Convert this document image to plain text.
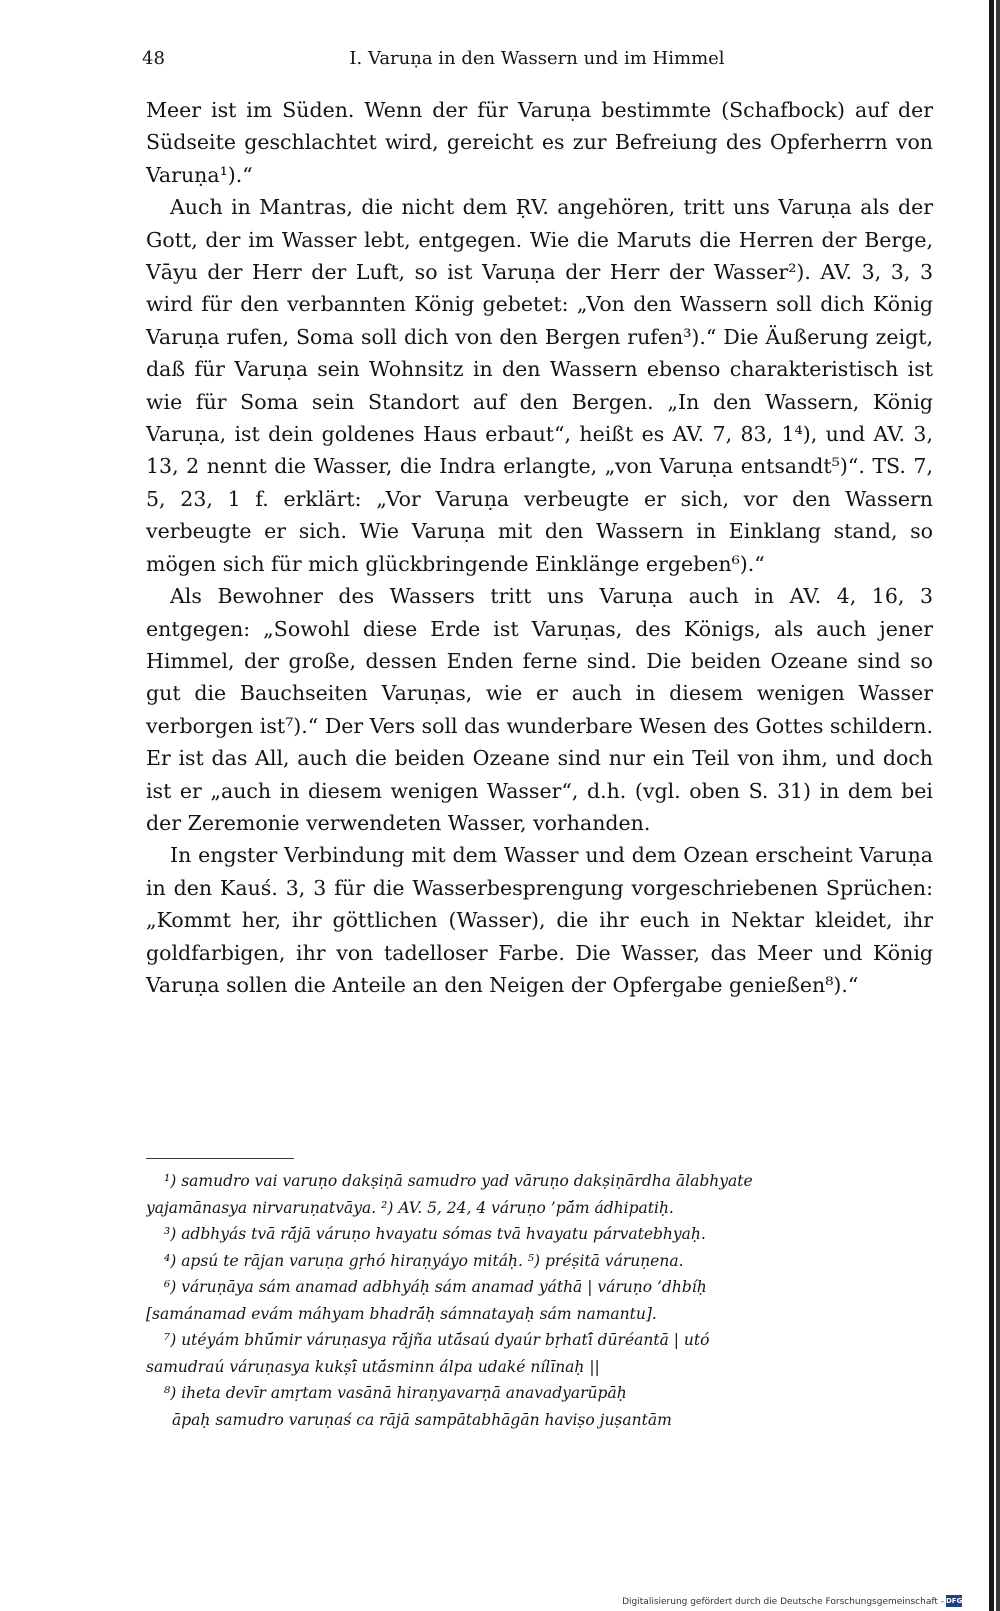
48	I. Varuṇa in den Wassern und im Himmel

Meer ist im Süden. Wenn der für Varuṇa bestimmte (Schafbock) auf der Südseite geschlachtet wird, gereicht es zur Befreiung des Opferherrn von Varuṇa¹).“

Auch in Mantras, die nicht dem ṚV. angehören, tritt uns Varuṇa als der Gott, der im Wasser lebt, entgegen. Wie die Maruts die Herren der Berge, Vāyu der Herr der Luft, so ist Varuṇa der Herr der Wasser²). AV. 3, 3, 3 wird für den verbannten König gebetet: „Von den Wassern soll dich König Varuṇa rufen, Soma soll dich von den Bergen rufen³).“ Die Äußerung zeigt, daß für Varuṇa sein Wohnsitz in den Wassern ebenso charakteristisch ist wie für Soma sein Standort auf den Bergen. „In den Wassern, König Varuṇa, ist dein goldenes Haus erbaut“, heißt es AV. 7, 83, 1⁴), und AV. 3, 13, 2 nennt die Wasser, die Indra erlangte, „von Varuṇa entsandt⁵)“. TS. 7, 5, 23, 1 f. erklärt: „Vor Varuṇa verbeugte er sich, vor den Wassern verbeugte er sich. Wie Varuṇa mit den Wassern in Einklang stand, so mögen sich für mich glückbringende Einklänge ergeben⁶).“

Als Bewohner des Wassers tritt uns Varuṇa auch in AV. 4, 16, 3 entgegen: „Sowohl diese Erde ist Varuṇas, des Königs, als auch jener Himmel, der große, dessen Enden ferne sind. Die beiden Ozeane sind so gut die Bauchseiten Varuṇas, wie er auch in diesem wenigen Wasser verborgen ist⁷).“ Der Vers soll das wunderbare Wesen des Gottes schildern. Er ist das All, auch die beiden Ozeane sind nur ein Teil von ihm, und doch ist er „auch in diesem wenigen Wasser“, d.h. (vgl. oben S. 31) in dem bei der Zeremonie verwendeten Wasser, vorhanden.

In engster Verbindung mit dem Wasser und dem Ozean erscheint Varuṇa in den Kauś. 3, 3 für die Wasserbesprengung vorgeschriebenen Sprüchen: „Kommt her, ihr göttlichen (Wasser), die ihr euch in Nektar kleidet, ihr goldfarbigen, ihr von tadelloser Farbe. Die Wasser, das Meer und König Varuṇa sollen die Anteile an den Neigen der Opfergabe genießen⁸).“

¹) samudro vai varuṇo dakṣiṇā samudro yad vāruṇo dakṣiṇārdha ālabhyate
yajamānasya nirvaruṇatvāya. ²) AV. 5, 24, 4 váruṇo ’pā́m ádhipatiḥ.
³) adbhyás tvā rā́jā váruṇo hvayatu sómas tvā hvayatu párvatebhyaḥ.
⁴) apsú te rājan varuṇa gṛhó hiraṇyáyo mitáḥ. ⁵) préṣitā váruṇena.
⁶) váruṇāya sám anamad adbhyáḥ sám anamad yáthā | váruṇo ’dhbíḥ
[samánamad evám máhyam bhadrā́ḥ sámnatayaḥ sám namantu].
⁷) utéyám bhū́mir váruṇasya rā́jña utā́saú dyaúr bṛhatī́ dūréantā | utó
samudraú váruṇasya kukṣī́ utā́sminn álpa udaké nílīnaḥ ||
⁸) iheta devīr amṛtam vasānā hiraṇyavarṇā anavadyarūpāḥ
āpaḥ samudro varuṇaś ca rājā sampātabhāgān haviṣo juṣantām
Digitalisierung gefördert durch die Deutsche Forschungsgemeinschaft - DFG
